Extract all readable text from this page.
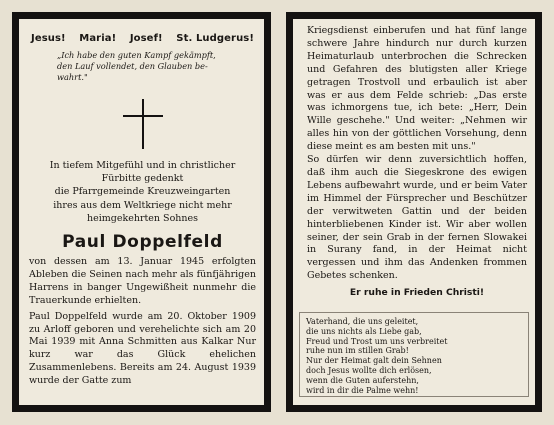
Jesus! Maria! Josef! St. Ludgerus!
„Ich habe den guten Kampf gekämpft,
den Lauf vollendet, den Glauben be-
wahrt."
In tiefem Mitgefühl und in christlicher
Fürbitte gedenkt
die Pfarrgemeinde Kreuzweingarten
ihres aus dem Weltkriege nicht mehr
heimgekehrten Sohnes
Paul Doppelfeld

von dessen am 13. Januar 1945 erfolgten Ableben die Seinen nach mehr als fünfjährigen Harrens in banger Ungewißheit nunmehr die Trauerkunde erhielten.

Paul Doppelfeld wurde am 20. Oktober 1909 zu Arloff geboren und verehelichte sich am 20 Mai 1939 mit Anna Schmitten aus Kalkar Nur kurz war das Glück ehelichen Zusammenlebens. Bereits am 24. August 1939 wurde der Gatte zum

Kriegsdienst einberufen und hat fünf lange schwere Jahre hindurch nur durch kurzen Heimaturlaub unterbrochen die Schrecken und Gefahren des blutigsten aller Kriege getragen Trostvoll und erbaulich ist aber was er aus dem Felde schrieb: „Das erste was ichmorgens tue, ich bete: „Herr, Dein Wille geschehe." Und weiter: „Nehmen wir alles hin von der göttlichen Vorsehung, denn diese meint es am besten mit uns."

So dürfen wir denn zuversichtlich hoffen, daß ihm auch die Siegeskrone des ewigen Lebens aufbewahrt wurde, und er beim Vater im Himmel der Fürsprecher und Beschützer der verwitweten Gattin und der beiden hinterbliebenen Kinder ist. Wir aber wollen seiner, der sein Grab in der fernen Slowakei in Surany fand, in der Heimat nicht vergessen und ihm das Andenken frommen Gebetes schenken.

Er ruhe in Frieden Christi!
Vaterhand, die uns geleitet,
die uns nichts als Liebe gab,
Freud und Trost um uns verbreitet
ruhe nun im stillen Grab!
Nur der Heimat galt dein Sehnen
doch Jesus wollte dich erlösen,
wenn die Guten auferstehn,
wird in dir die Palme wehn!
